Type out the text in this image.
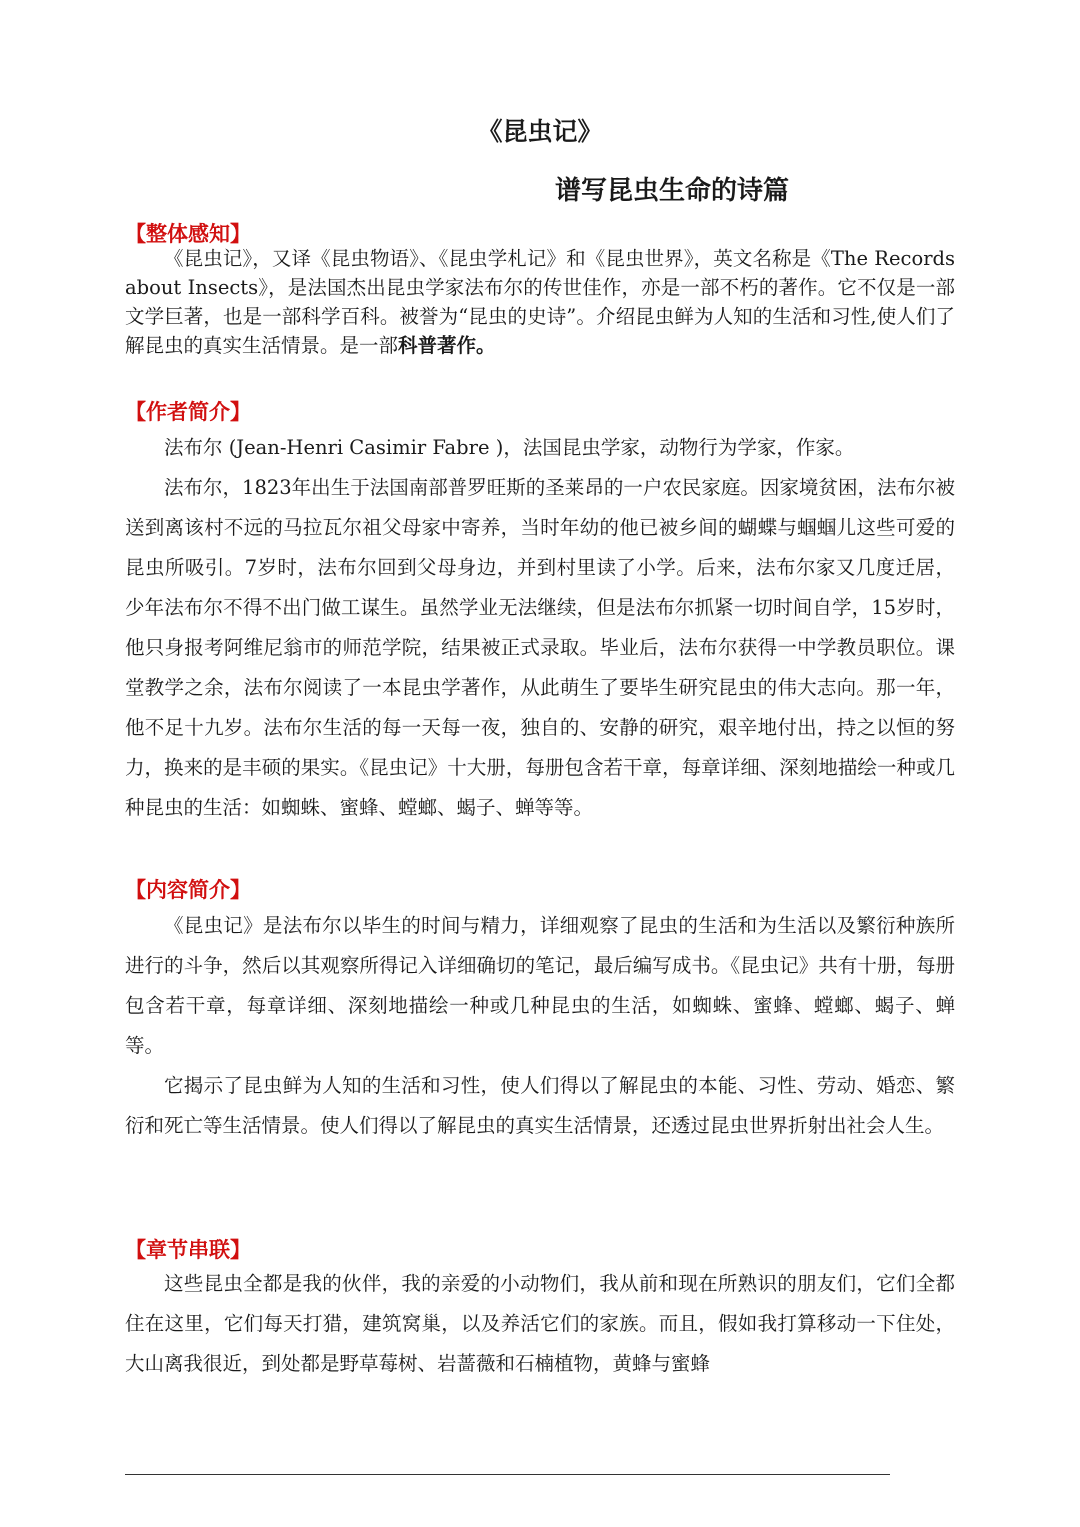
《昆虫记》
谱写昆虫生命的诗篇
【整体感知】

《昆虫记》，又译《昆虫物语》、《昆虫学札记》和《昆虫世界》，英文名称是《The Records about Insects》，是法国杰出昆虫学家法布尔的传世佳作，亦是一部不朽的著作。它不仅是一部文学巨著，也是一部科学百科。被誉为“昆虫的史诗”。介绍昆虫鲜为人知的生活和习性,使人们了解昆虫的真实生活情景。是一部科普著作。

【作者简介】

法布尔 (Jean-Henri Casimir Fabre )，法国昆虫学家，动物行为学家，作家。

法布尔，1823年出生于法国南部普罗旺斯的圣莱昂的一户农民家庭。因家境贫困，法布尔被送到离该村不远的马拉瓦尔祖父母家中寄养，当时年幼的他已被乡间的蝴蝶与蝈蝈儿这些可爱的昆虫所吸引。7岁时，法布尔回到父母身边，并到村里读了小学。后来，法布尔家又几度迁居，少年法布尔不得不出门做工谋生。虽然学业无法继续，但是法布尔抓紧一切时间自学，15岁时，他只身报考阿维尼翁市的师范学院，结果被正式录取。毕业后，法布尔获得一中学教员职位。课堂教学之余，法布尔阅读了一本昆虫学著作，从此萌生了要毕生研究昆虫的伟大志向。那一年，他不足十九岁。法布尔生活的每一天每一夜，独自的、安静的研究，艰辛地付出，持之以恒的努力，换来的是丰硕的果实。《昆虫记》十大册，每册包含若干章，每章详细、深刻地描绘一种或几种昆虫的生活：如蜘蛛、蜜蜂、螳螂、蝎子、蝉等等。

【内容简介】

《昆虫记》是法布尔以毕生的时间与精力，详细观察了昆虫的生活和为生活以及繁衍种族所进行的斗争，然后以其观察所得记入详细确切的笔记，最后编写成书。《昆虫记》共有十册，每册包含若干章，每章详细、深刻地描绘一种或几种昆虫的生活，如蜘蛛、蜜蜂、螳螂、蝎子、蝉等。

它揭示了昆虫鲜为人知的生活和习性，使人们得以了解昆虫的本能、习性、劳动、婚恋、繁衍和死亡等生活情景。使人们得以了解昆虫的真实生活情景，还透过昆虫世界折射出社会人生。

【章节串联】

这些昆虫全都是我的伙伴，我的亲爱的小动物们，我从前和现在所熟识的朋友们，它们全都住在这里，它们每天打猎，建筑窝巢，以及养活它们的家族。而且，假如我打算移动一下住处，大山离我很近，到处都是野草莓树、岩蔷薇和石楠植物，黄蜂与蜜蜂
